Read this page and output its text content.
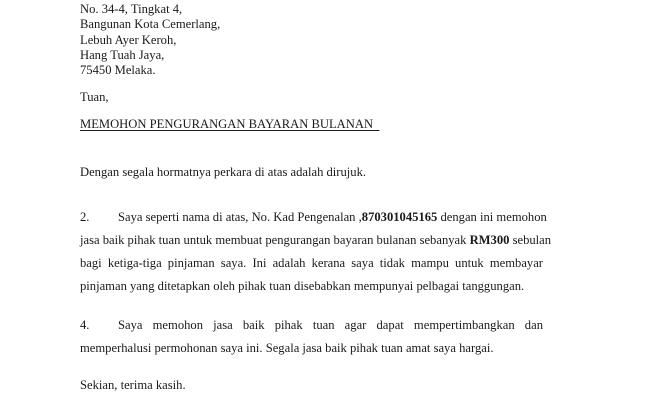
No. 34-4, Tingkat 4,
Bangunan Kota Cemerlang,
Lebuh Ayer Keroh,
Hang Tuah Jaya,
75450 Melaka.
Tuan,
MEMOHON PENGURANGAN BAYARAN BULANAN
Dengan segala hormatnya perkara di atas adalah dirujuk.
2. Saya seperti nama di atas, No. Kad Pengenalan ,870301045165 dengan ini memohon
jasa baik pihak tuan untuk membuat pengurangan bayaran bulanan sebanyak RM300 sebulan
bagi ketiga-tiga pinjaman saya. Ini adalah kerana saya tidak mampu untuk membayar
pinjaman yang ditetapkan oleh pihak tuan disebabkan mempunyai pelbagai tanggungan.
4. Saya memohon jasa baik pihak tuan agar dapat mempertimbangkan dan
memperhalusi permohonan saya ini. Segala jasa baik pihak tuan amat saya hargai.
Sekian, terima kasih.
